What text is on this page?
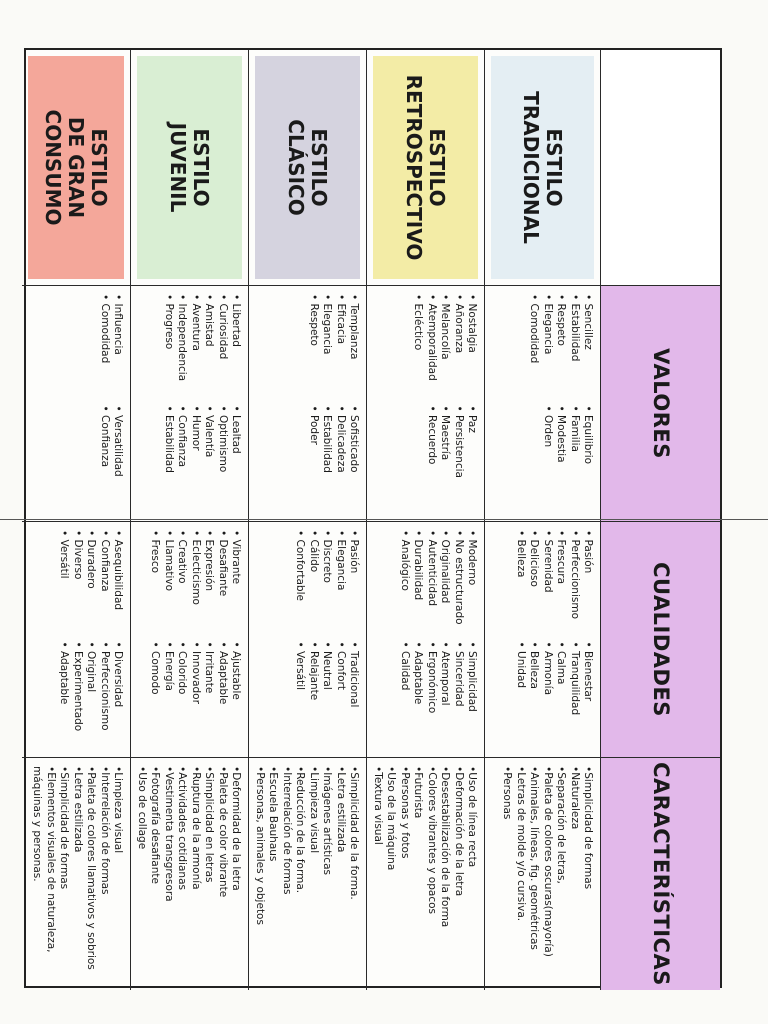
VALORES
CUALIDADES
CARACTERÍSTICAS
ESTILO
TRADICIONAL
• Sencillez
• Equilibrio
• Estabilidad
• Familia
• Respeto
• Modestia
• Elegancia
• Orden
• Comodidad
• Pasión
• Bienestar
• Perfeccionismo
• Tranquilidad
• Frescura
• Calma
• Serenidad
• Armonía
• Delicioso
• Belleza
• Belleza
• Unidad
• Simplicidad de formas
• Naturaleza
• Separación de letras,
• Paleta de colores oscuras(mayoría)
• Animales, líneas, fig. geométricas
• Letras de molde y/o cursiva.
• Personas
ESTILO
RETROSPECTIVO
• Nostalgia
• Paz
• Añoranza
• Persistencia
• Melancolía
• Maestría
• Atemporalidad
• Recuerdo
• Ecléctico
• Moderno
• Simplicidad
• No estructurado
• Sinceridad
• Originalidad
• Atemporal
• Autenticidad
• Ergonómico
• Durabilidad
• Adaptable
• Analógico
• Calidad
• Uso de línea recta
• Deformación de la letra
• Desestabilización de la forma
• Colores vibrantes y opacos
• Futurista
• Personas y fotos
• Uso de la máquina
• Textura visual
ESTILO
CLÁSICO
• Templanza
• Sofisticado
• Eficacia
• Delicadeza
• Elegancia
• Estabilidad
• Respeto
• Poder
• Pasión
• Tradicional
• Elegancia
• Confort
• Discreto
• Neutral
• Cálido
• Relajante
• Confortable
• Versátil
• Simplicidad de la forma.
• Letra estilizada
• Imágenes artísticas
• Limpieza visual
• Reducción de la forma.
• Interrelación de formas
• Escuela Bauhaus
• Personas, animales y objetos
ESTILO
JUVENIL
• Libertad
• Lealtad
• Curiosidad
• Optimismo
• Amistad
• Valentía
• Aventura
• Humor
• Independencia
• Confianza
• Progreso
• Estabilidad
• Vibrante
• Ajustable
• Desafiante
• Adaptable
• Expresión
• Irritante
• Eclecticismo
• Innovador
• Creativo
• Colorido
• Llamativo
• Energía
• Fresco
• Comodo
• Deformidad de la letra
• Paleta de color vibrante
• Simplicidad en letras
• Ruptura de la armonía
• Actividades cotidianas
• Vestimenta transgresora
• Fotografía desafiante
• Uso de collage
ESTILO
DE GRAN CONSUMO
• Influencia
• Versatilidad
• Comodidad
• Confianza
• Asequibilidad
• Diversidad
• Confianza
• Perfeccionismo
• Duradero
• Original
• Diverso
• Experimentado
• Versátil
• Adaptable
• Limpieza visual
• Interrelación de formas
• Paleta de colores llamativos y sobrios
• Letra estilizada
• Simplicidad de formas
• Elementos visuales de naturaleza, máquinas y personas.
